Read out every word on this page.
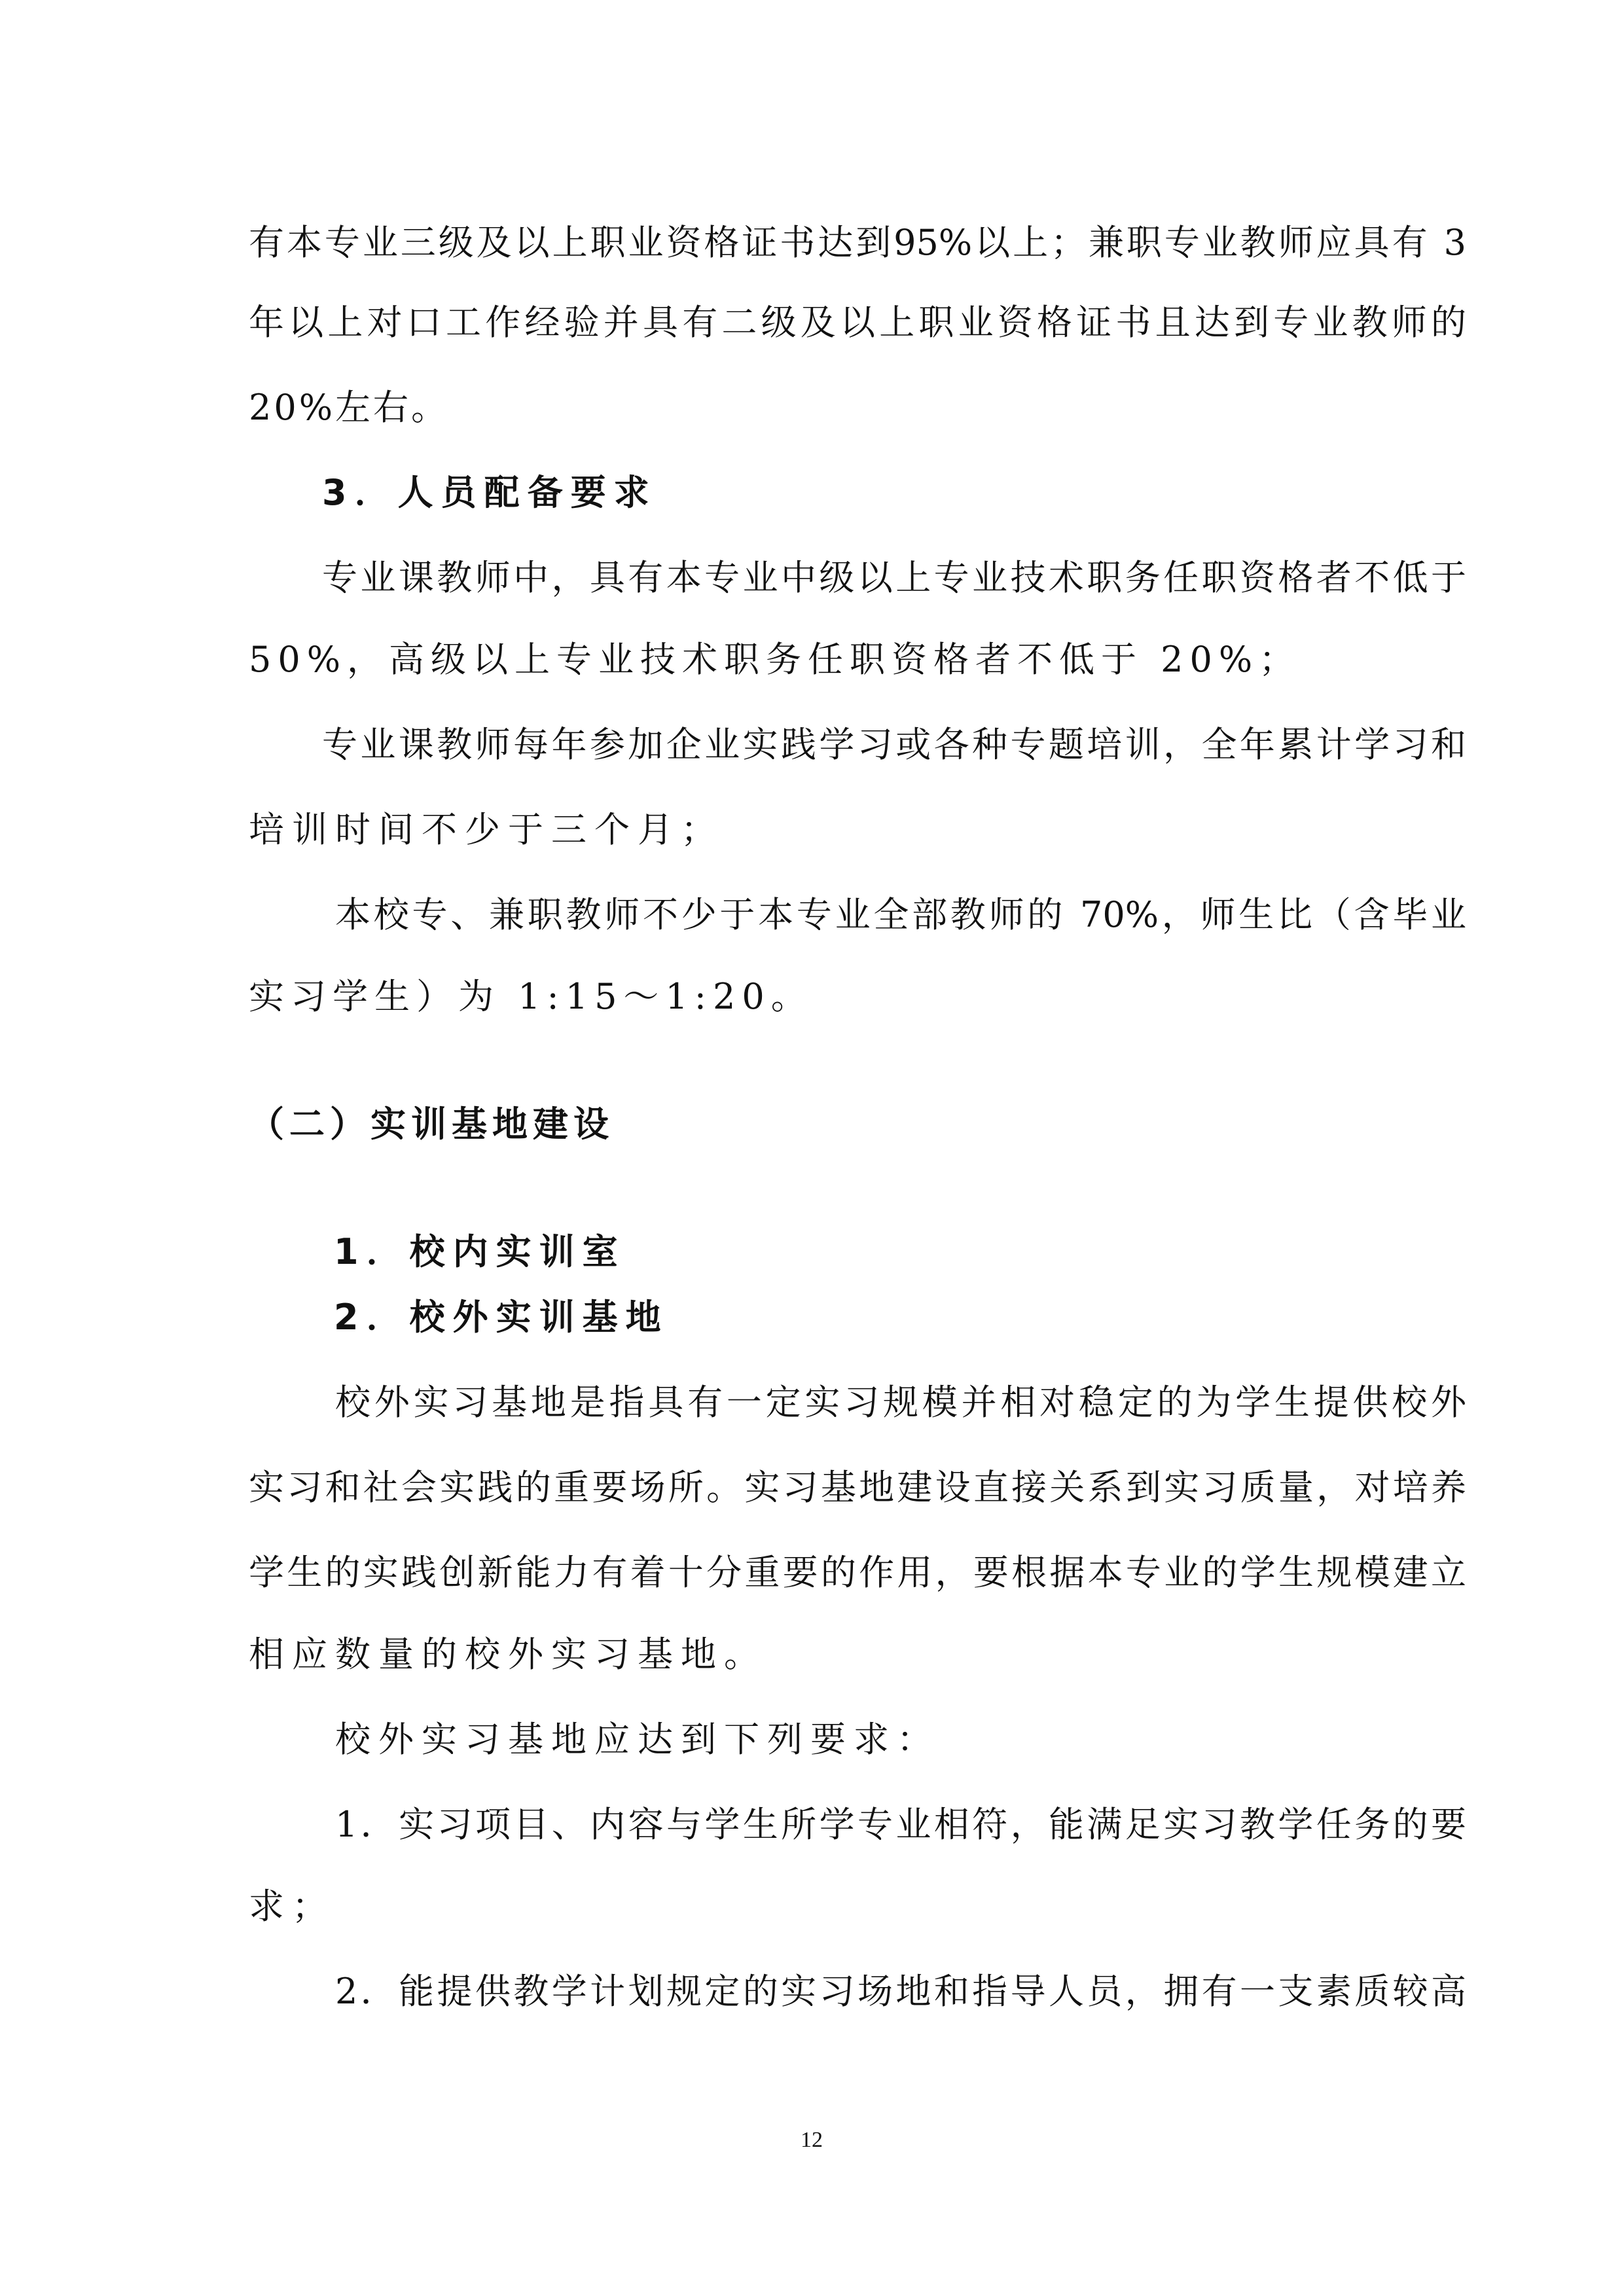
有本专业三级及以上职业资格证书达到95%以上；兼职专业教师应具有 3
年以上对口工作经验并具有二级及以上职业资格证书且达到专业教师的
20%左右。
3．人员配备要求
专业课教师中，具有本专业中级以上专业技术职务任职资格者不低于
50%，高级以上专业技术职务任职资格者不低于 20%；
专业课教师每年参加企业实践学习或各种专题培训，全年累计学习和
培训时间不少于三个月；
本校专、兼职教师不少于本专业全部教师的 70%，师生比（含毕业
实习学生）为 1:15～1:20。
（二）实训基地建设
1．校内实训室
2．校外实训基地
校外实习基地是指具有一定实习规模并相对稳定的为学生提供校外
实习和社会实践的重要场所。实习基地建设直接关系到实习质量，对培养
学生的实践创新能力有着十分重要的作用，要根据本专业的学生规模建立
相应数量的校外实习基地。
校外实习基地应达到下列要求：
1．实习项目、内容与学生所学专业相符，能满足实习教学任务的要
求；
2．能提供教学计划规定的实习场地和指导人员，拥有一支素质较高
12
